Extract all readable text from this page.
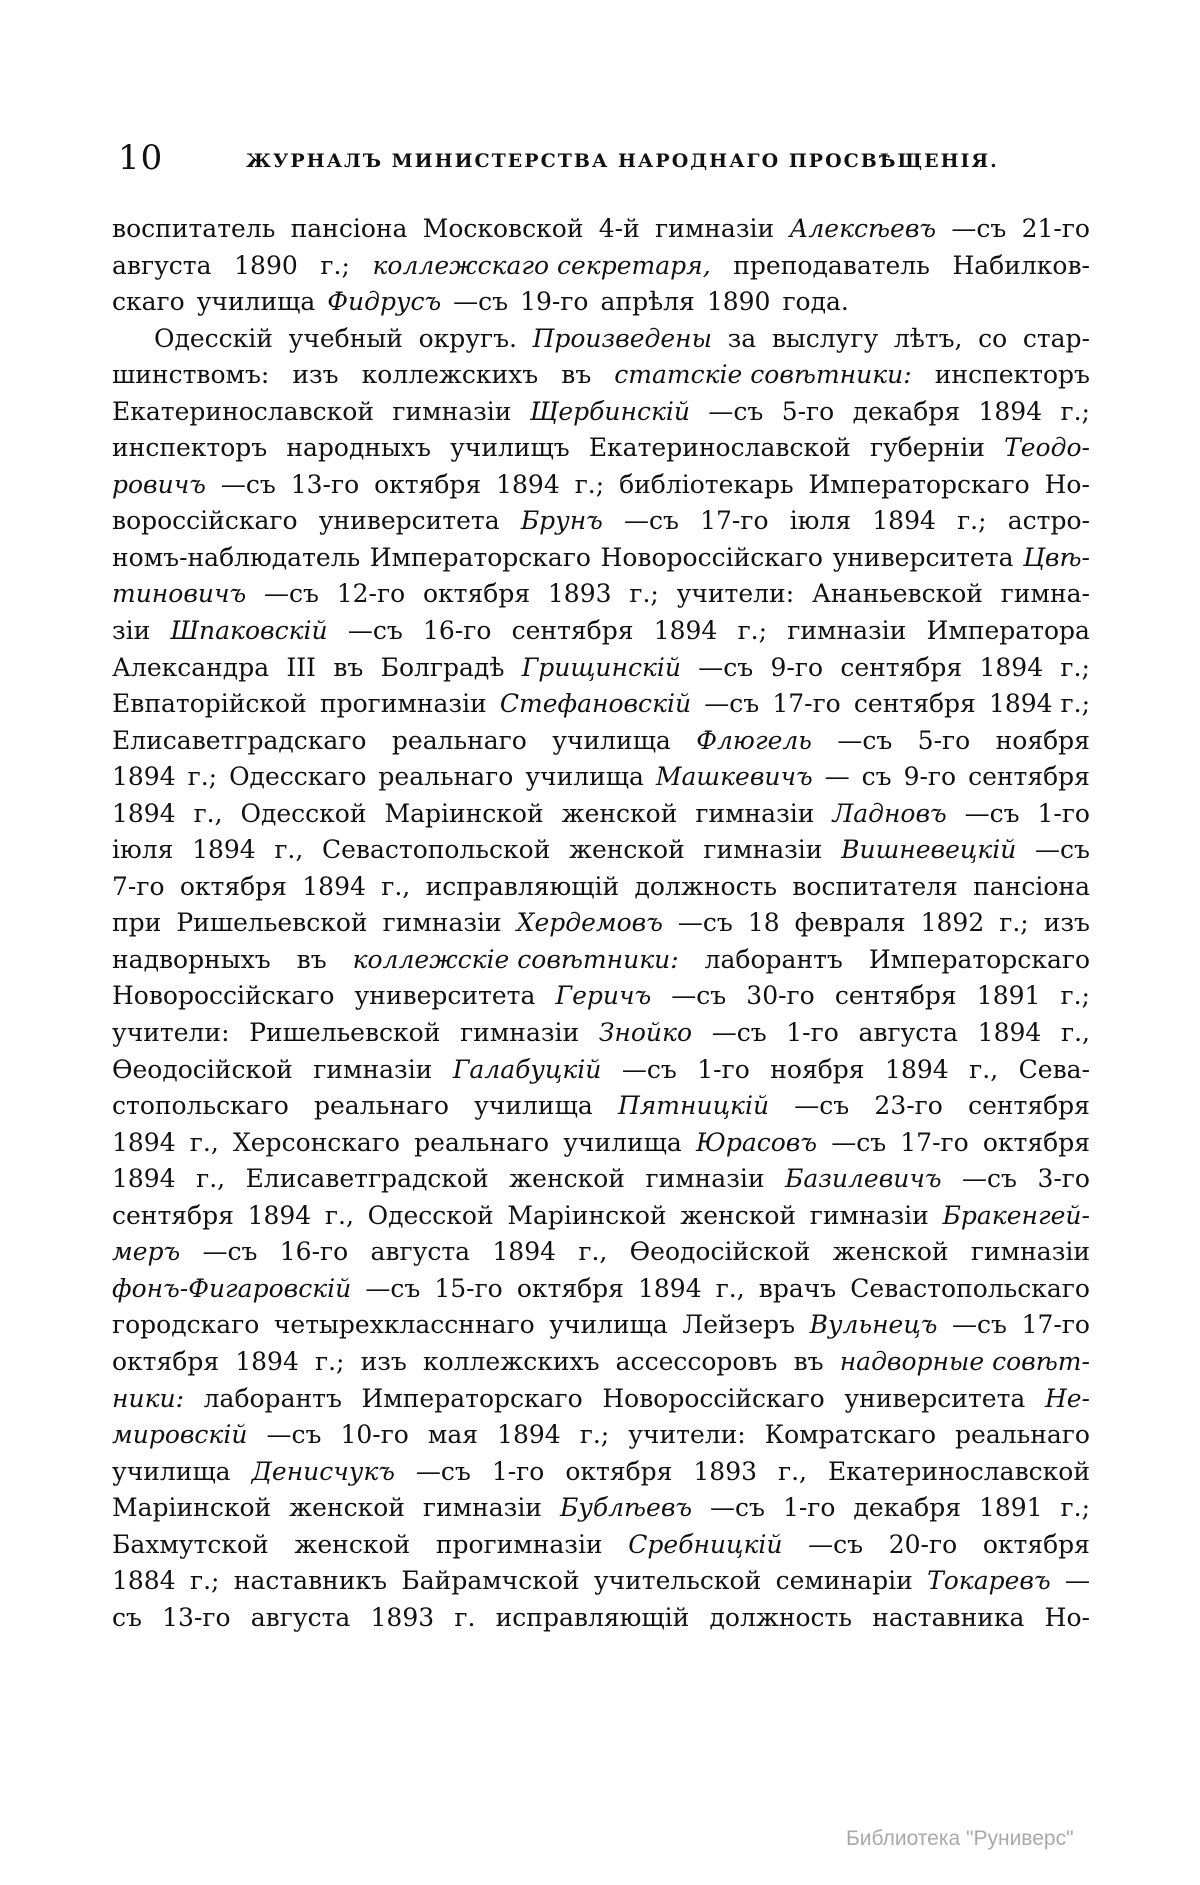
10	ЖУРНАЛЪ МИНИСТЕРСТВА НАРОДНАГО ПРОСВѢЩЕНІЯ.
воспитатель пансіона Московской 4-й гимназіи Алексѣевъ —съ 21-го
августа 1890 г.; коллежскаго секретаря, преподаватель Набилков-
скаго училища Фидрусъ —съ 19-го апрѣля 1890 года.
Одесскій учебный округъ. Произведены за выслугу лѣтъ, со стар-
шинствомъ: изъ коллежскихъ въ статскіе совѣтники: инспекторъ
Екатеринославской гимназіи Щербинскій —съ 5-го декабря 1894 г.;
инспекторъ народныхъ училищъ Екатеринославской губерніи Теодо-
ровичъ —съ 13-го октября 1894 г.; библіотекарь Императорскаго Но-
вороссійскаго университета Брунъ —съ 17-го іюля 1894 г.; астро-
номъ-наблюдатель Императорскаго Новороссійскаго университета Цвѣ-
тиновичъ —съ 12-го октября 1893 г.; учители: Ананьевской гимна-
зіи Шпаковскій —съ 16-го сентября 1894 г.; гимназіи Императора
Александра III въ Болградѣ Грищинскій —съ 9-го сентября 1894 г.;
Евпаторійской прогимназіи Стефановскій —съ 17-го сентября 1894 г.;
Елисаветградскаго реальнаго училища Флюгель —съ 5-го ноября
1894 г.; Одесскаго реальнаго училища Машкевичъ — съ 9-го сентября
1894 г., Одесской Маріинской женской гимназіи Ладновъ —съ 1-го
іюля 1894 г., Севастопольской женской гимназіи Вишневецкій —съ
7-го октября 1894 г., исправляющій должность воспитателя пансіона
при Ришельевской гимназіи Хердемовъ —съ 18 февраля 1892 г.; изъ
надворныхъ въ коллежскіе совѣтники: лаборантъ Императорскаго
Новороссійскаго университета Геричъ —съ 30-го сентября 1891 г.;
учители: Ришельевской гимназіи Знойко —съ 1-го августа 1894 г.,
Ѳеодосійской гимназіи Галабуцкій —съ 1-го ноября 1894 г., Сева-
стопольскаго реальнаго училища Пятницкій —съ 23-го сентября
1894 г., Херсонскаго реальнаго училища Юрасовъ —съ 17-го октября
1894 г., Елисаветградской женской гимназіи Базилевичъ —съ 3-го
сентября 1894 г., Одесской Маріинской женской гимназіи Бракенгей-
меръ —съ 16-го августа 1894 г., Ѳеодосійской женской гимназіи
фонъ-Фигаровскій —съ 15-го октября 1894 г., врачъ Севастопольскаго
городскаго четырехклассннаго училища Лейзеръ Вульнецъ —съ 17-го
октября 1894 г.; изъ коллежскихъ ассессоровъ въ надворные совѣт-
ники: лаборантъ Императорскаго Новороссійскаго университета Не-
мировскій —съ 10-го мая 1894 г.; учители: Комратскаго реальнаго
училища Денисчукъ —съ 1-го октября 1893 г., Екатеринославской
Маріинской женской гимназіи Бублѣевъ —съ 1-го декабря 1891 г.;
Бахмутской женской прогимназіи Сребницкій —съ 20-го октября
1884 г.; наставникъ Байрамчской учительской семинаріи Токаревъ —
съ 13-го августа 1893 г. исправляющій должность наставника Но-
Библиотека "Руниверс"
